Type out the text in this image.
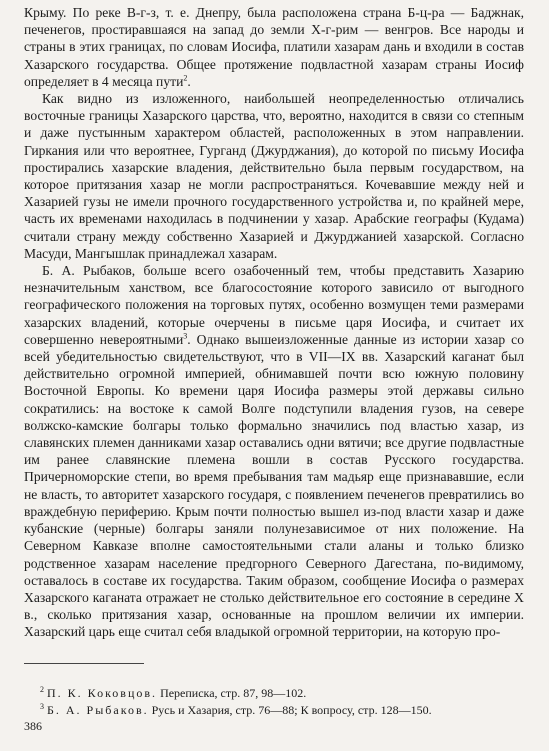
Крыму. По реке В-г-з, т. е. Днепру, была расположена страна Б-ц-ра — Баджнак, печенегов, простиравшаяся на запад до земли Х-г-рим — венгров. Все народы и страны в этих границах, по словам Иосифа, платили хазарам дань и входили в состав Хазарского государства. Общее протяжение подвластной хазарам страны Иосиф определяет в 4 месяца пути$^2$.

Как видно из изложенного, наибольшей неопределенностью отличались восточные границы Хазарского царства, что, вероятно, находится в связи со степным и даже пустынным характером областей, расположенных в этом направлении. Гиркания или что вероятнее, Гурганд (Джурджания), до которой по письму Иосифа простирались хазарские владения, действительно была первым государством, на которое притязания хазар не могли распространяться. Кочевавшие между ней и Хазарией гузы не имели прочного государственного устройства и, по крайней мере, часть их временами находилась в подчинении у хазар. Арабские географы (Кудама) считали страну между собственно Хазарией и Джурджанией хазарской. Согласно Масуди, Мангышлак принадлежал хазарам.

Б. А. Рыбаков, больше всего озабоченный тем, чтобы представить Хазарию незначительным ханством, все благосостояние которого зависило от выгодного географического положения на торговых путях, особенно возмущен теми размерами хазарских владений, которые очерчены в письме царя Иосифа, и считает их совершенно невероятными$^3$. Однако вышеизложенные данные из истории хазар со всей убедительностью свидетельствуют, что в VII—IX вв. Хазарский каганат был действительно огромной империей, обнимавшей почти всю южную половину Восточной Европы. Ко времени царя Иосифа размеры этой державы сильно сократились: на востоке к самой Волге подступили владения гузов, на севере волжско-камские болгары только формально значились под властью хазар, из славянских племен данниками хазар оставались одни вятичи; все другие подвластные им ранее славянские племена вошли в состав Русского государства. Причерноморские степи, во время пребывания там мадьяр еще признававшие, если не власть, то авторитет хазарского государя, с появлением печенегов превратились во враждебную периферию. Крым почти полностью вышел из-под власти хазар и даже кубанские (черные) болгары заняли полунезависимое от них положение. На Северном Кавказе вполне самостоятельными стали аланы и только близко родственное хазарам население предгорного Северного Дагестана, по-видимому, оставалось в составе их государства. Таким образом, сообщение Иосифа о размерах Хазарского каганата отражает не столько действительное его состояние в середине X в., сколько притязания хазар, основанные на прошлом величии их империи. Хазарский царь еще считал себя владыкой огромной территории, на которую про-

$^2$ П. К. Коковцов. Переписка, стр. 87, 98—102.

$^3$ Б. А. Рыбаков. Русь и Хазария, стр. 76—88; К вопросу, стр. 128—150.

386
